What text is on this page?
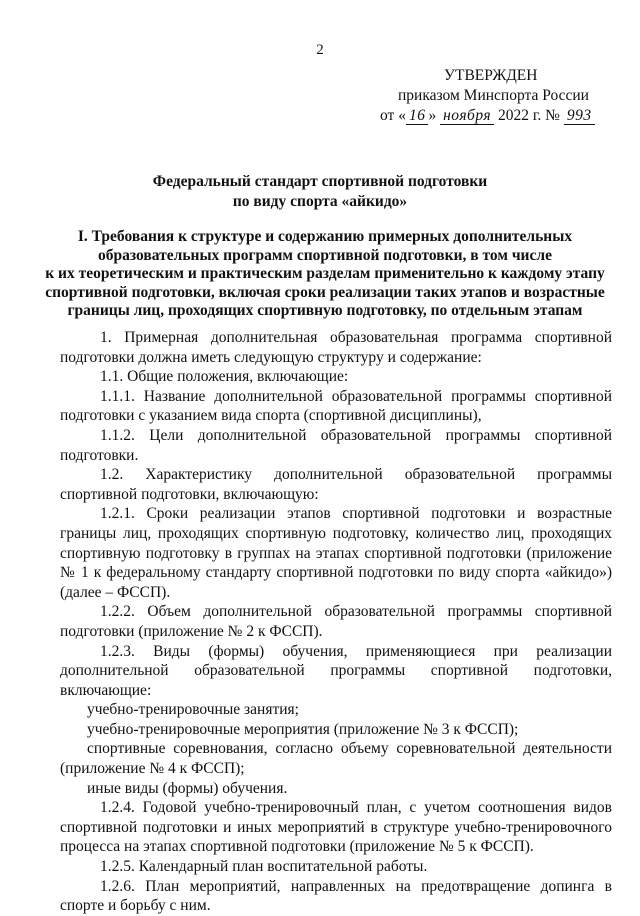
2
УТВЕРЖДЕН
приказом Минспорта России
от « 16 » ноября 2022 г. № 993
Федеральный стандарт спортивной подготовки
по виду спорта «айкидо»
I. Требования к структуре и содержанию примерных дополнительных
образовательных программ спортивной подготовки, в том числе
к их теоретическим и практическим разделам применительно к каждому этапу
спортивной подготовки, включая сроки реализации таких этапов и возрастные
границы лиц, проходящих спортивную подготовку, по отдельным этапам

1. Примерная дополнительная образовательная программа спортивной подготовки должна иметь следующую структуру и содержание:

1.1. Общие положения, включающие:

1.1.1. Название дополнительной образовательной программы спортивной подготовки с указанием вида спорта (спортивной дисциплины),

1.1.2. Цели дополнительной образовательной программы спортивной подготовки.

1.2. Характеристику дополнительной образовательной программы спортивной подготовки, включающую:

1.2.1. Сроки реализации этапов спортивной подготовки и возрастные границы лиц, проходящих спортивную подготовку, количество лиц, проходящих спортивную подготовку в группах на этапах спортивной подготовки (приложение № 1 к федеральному стандарту спортивной подготовки по виду спорта «айкидо») (далее – ФССП).

1.2.2. Объем дополнительной образовательной программы спортивной подготовки (приложение № 2 к ФССП).

1.2.3. Виды (формы) обучения, применяющиеся при реализации дополнительной образовательной программы спортивной подготовки, включающие:

учебно-тренировочные занятия;

учебно-тренировочные мероприятия (приложение № 3 к ФССП);

спортивные соревнования, согласно объему соревновательной деятельности (приложение № 4 к ФССП);

иные виды (формы) обучения.

1.2.4. Годовой учебно-тренировочный план, с учетом соотношения видов спортивной подготовки и иных мероприятий в структуре учебно-тренировочного процесса на этапах спортивной подготовки (приложение № 5 к ФССП).

1.2.5. Календарный план воспитательной работы.

1.2.6. План мероприятий, направленных на предотвращение допинга в спорте и борьбу с ним.
